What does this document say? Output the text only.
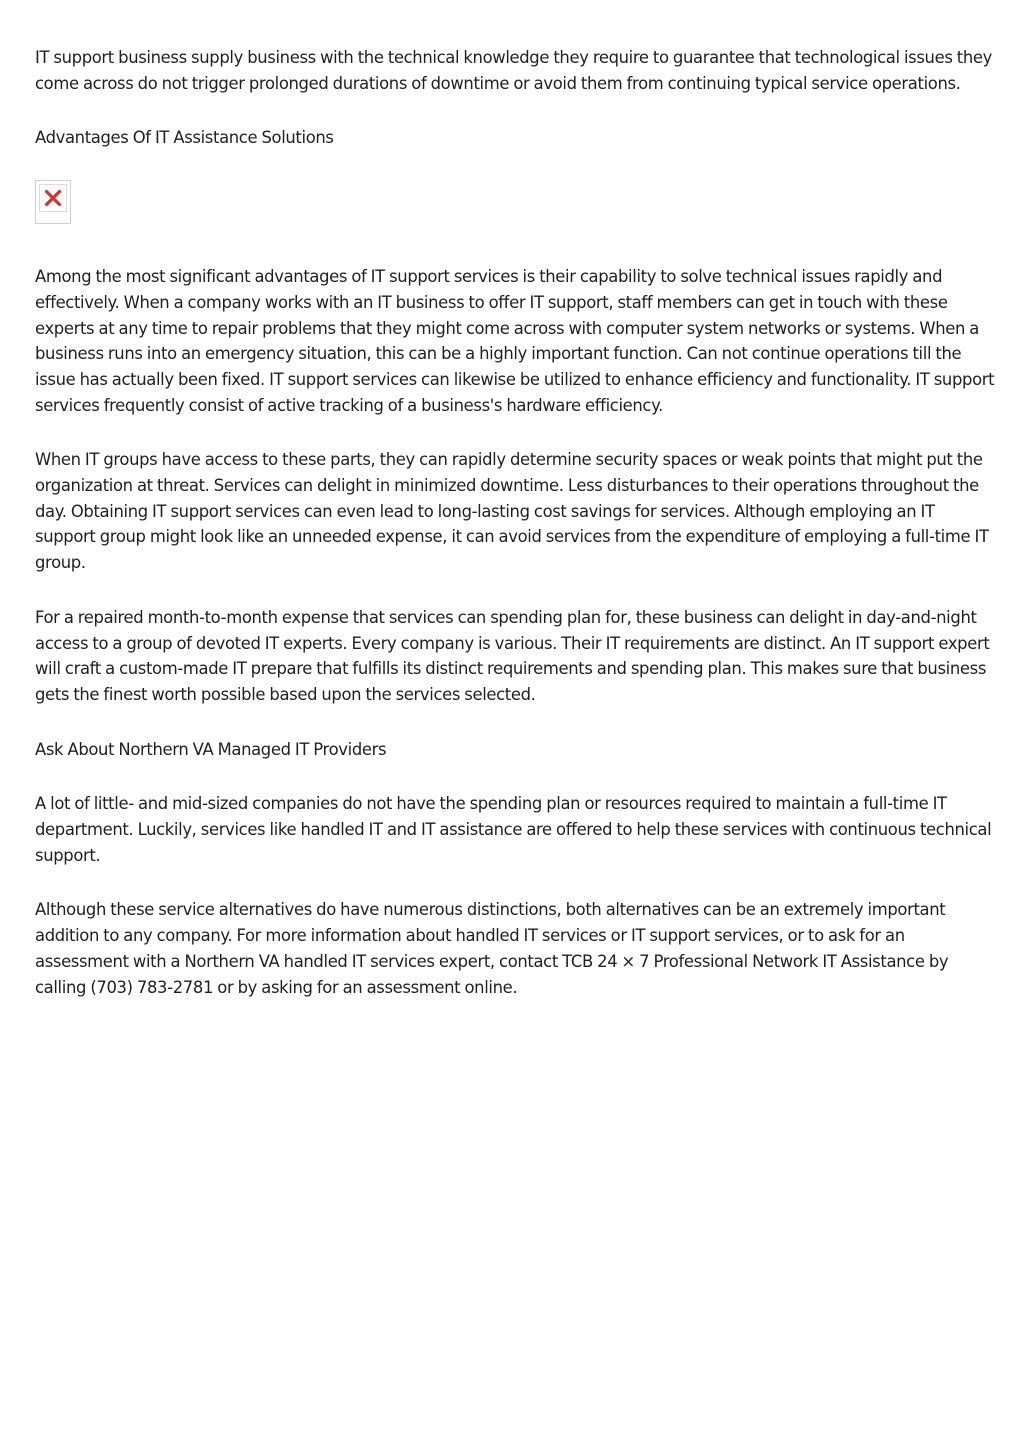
IT support business supply business with the technical knowledge they require to guarantee that technological issues they come across do not trigger prolonged durations of downtime or avoid them from continuing typical service operations.

Advantages Of IT Assistance Solutions

Among the most significant advantages of IT support services is their capability to solve technical issues rapidly and effectively. When a company works with an IT business to offer IT support, staff members can get in touch with these experts at any time to repair problems that they might come across with computer system networks or systems. When a business runs into an emergency situation, this can be a highly important function. Can not continue operations till the issue has actually been fixed. IT support services can likewise be utilized to enhance efficiency and functionality. IT support services frequently consist of active tracking of a business's hardware efficiency.

When IT groups have access to these parts, they can rapidly determine security spaces or weak points that might put the organization at threat. Services can delight in minimized downtime. Less disturbances to their operations throughout the day. Obtaining IT support services can even lead to long-lasting cost savings for services. Although employing an IT support group might look like an unneeded expense, it can avoid services from the expenditure of employing a full-time IT group.

For a repaired month-to-month expense that services can spending plan for, these business can delight in day-and-night access to a group of devoted IT experts. Every company is various. Their IT requirements are distinct. An IT support expert will craft a custom-made IT prepare that fulfills its distinct requirements and spending plan. This makes sure that business gets the finest worth possible based upon the services selected.

Ask About Northern VA Managed IT Providers

A lot of little- and mid-sized companies do not have the spending plan or resources required to maintain a full-time IT department. Luckily, services like handled IT and IT assistance are offered to help these services with continuous technical support.

Although these service alternatives do have numerous distinctions, both alternatives can be an extremely important addition to any company. For more information about handled IT services or IT support services, or to ask for an assessment with a Northern VA handled IT services expert, contact TCB 24 × 7 Professional Network IT Assistance by calling (703) 783-2781 or by asking for an assessment online.
